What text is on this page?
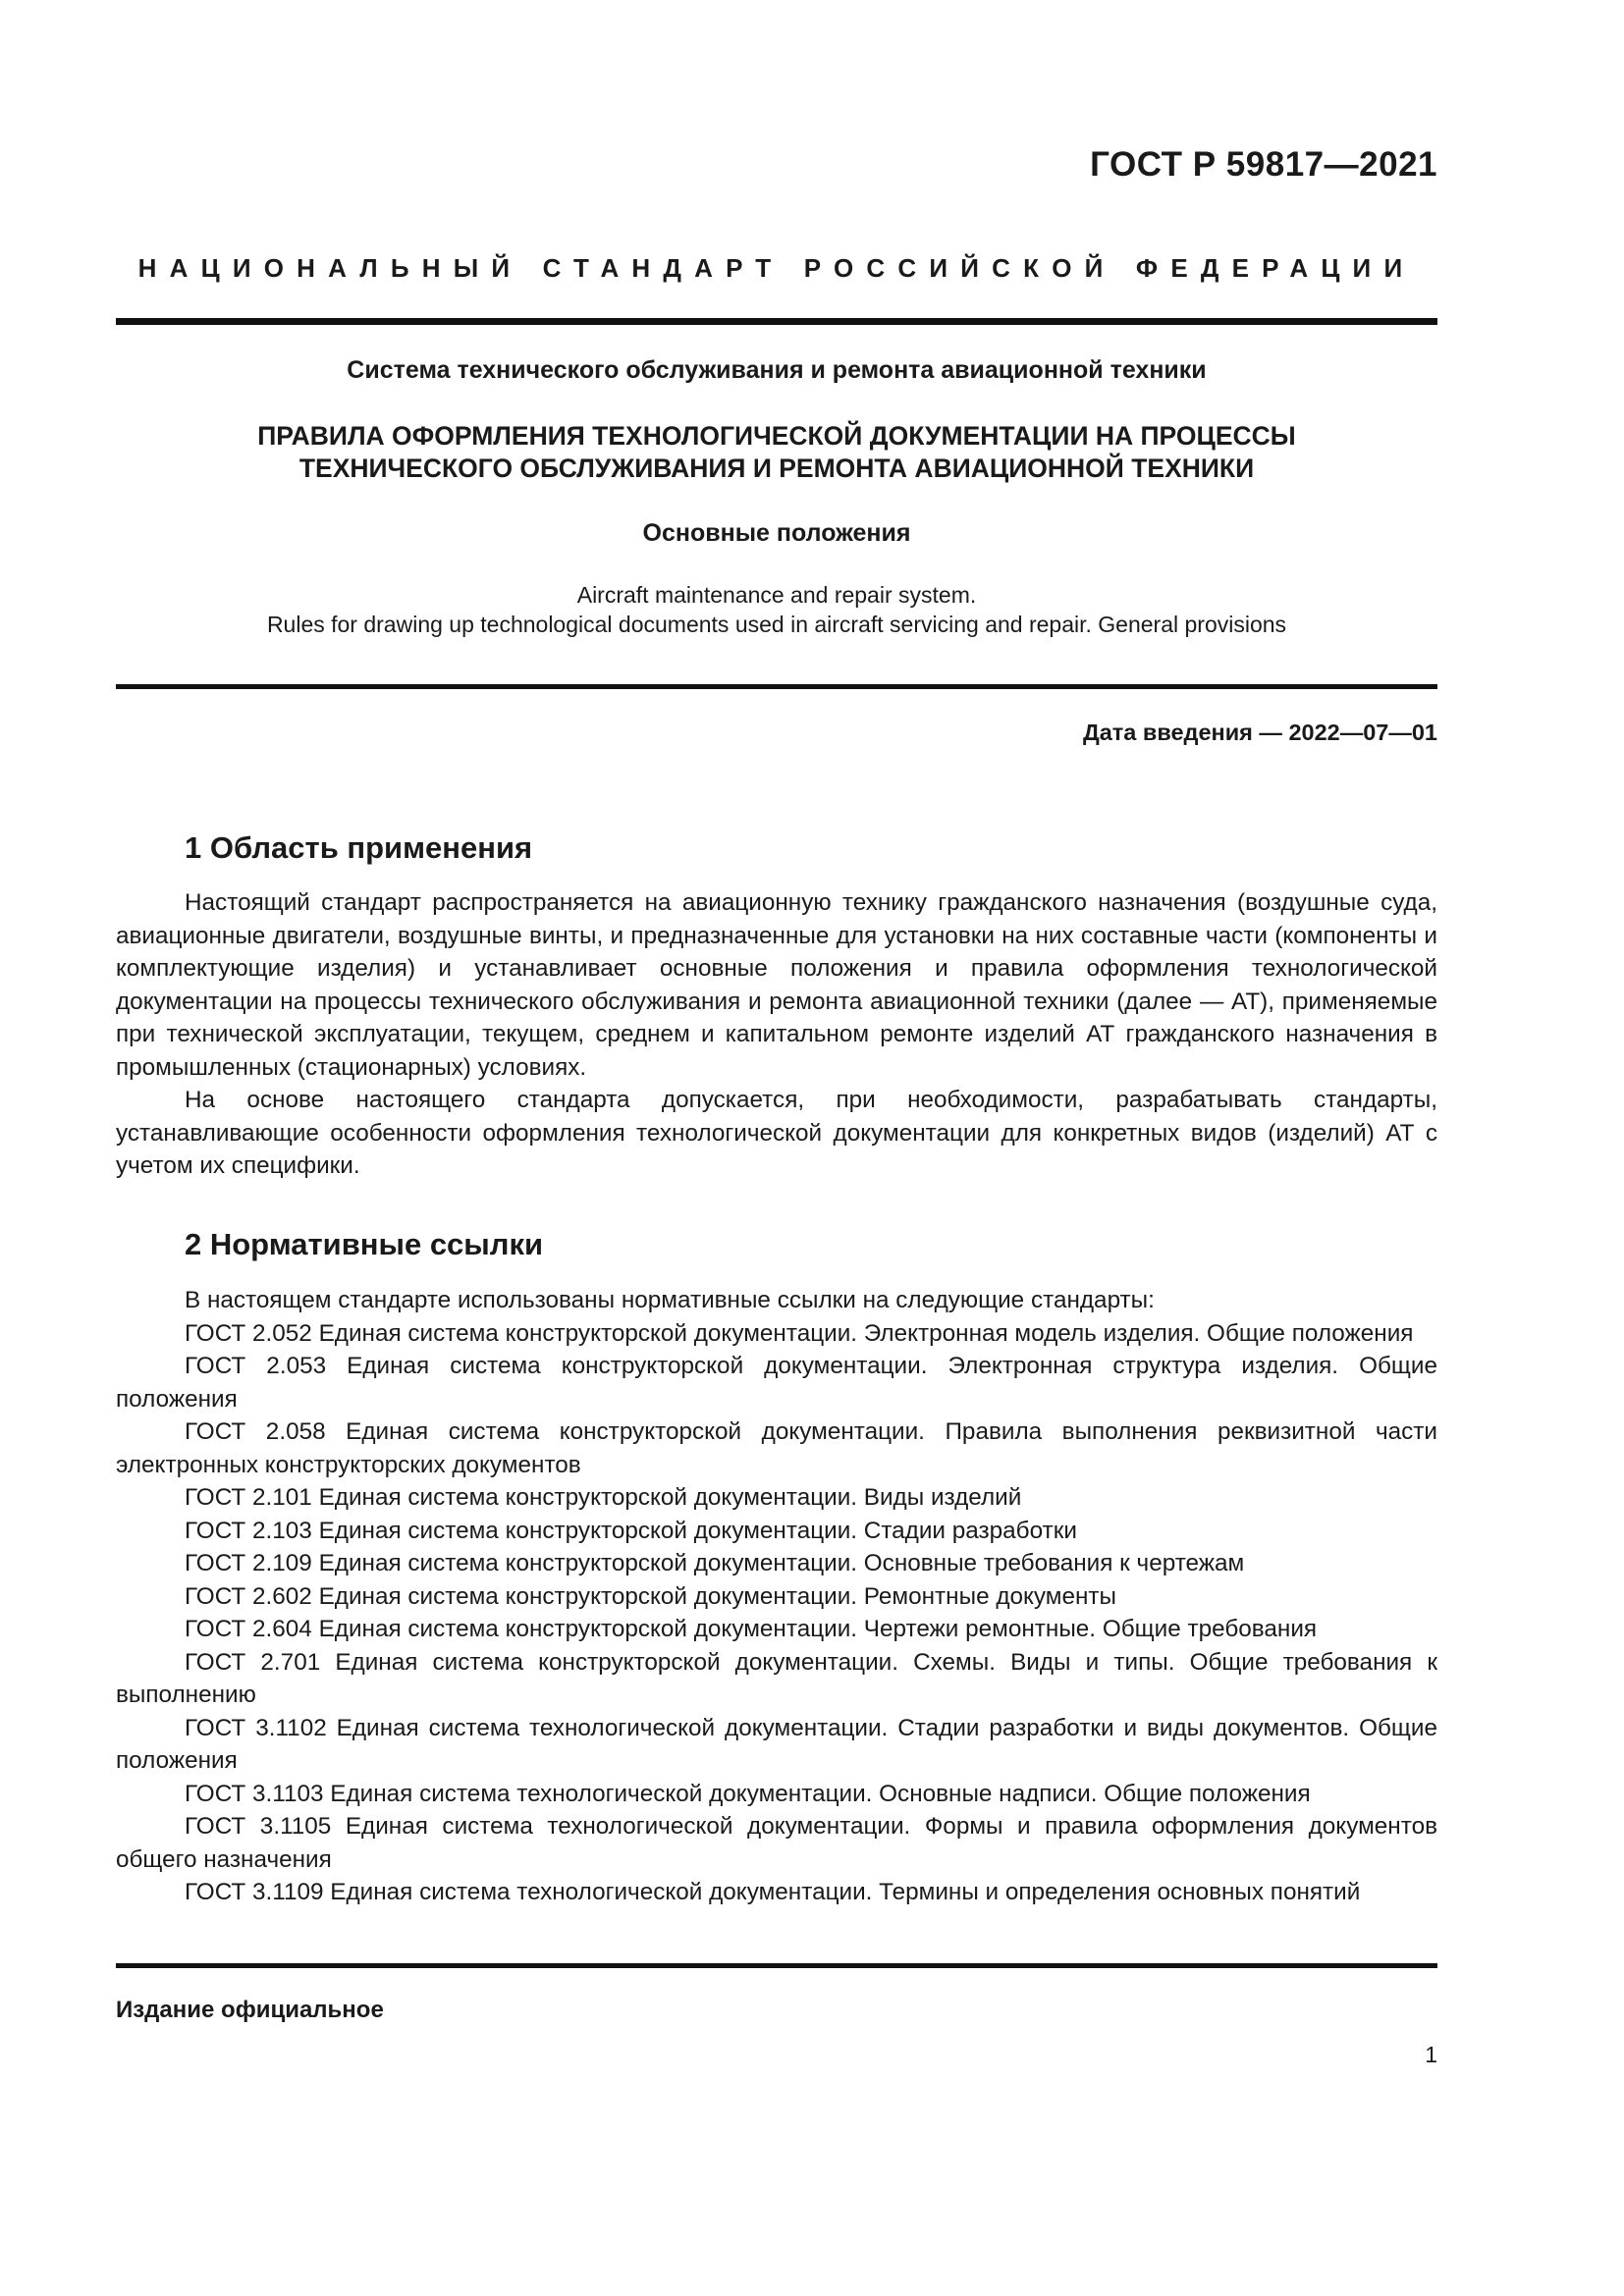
ГОСТ Р 59817—2021
НАЦИОНАЛЬНЫЙ СТАНДАРТ РОССИЙСКОЙ ФЕДЕРАЦИИ
Система технического обслуживания и ремонта авиационной техники
ПРАВИЛА ОФОРМЛЕНИЯ ТЕХНОЛОГИЧЕСКОЙ ДОКУМЕНТАЦИИ НА ПРОЦЕССЫ
ТЕХНИЧЕСКОГО ОБСЛУЖИВАНИЯ И РЕМОНТА АВИАЦИОННОЙ ТЕХНИКИ
Основные положения
Aircraft maintenance and repair system.
Rules for drawing up technological documents used in aircraft servicing and repair. General provisions
Дата введения — 2022—07—01
1 Область применения

Настоящий стандарт распространяется на авиационную технику гражданского назначения (воздушные суда, авиационные двигатели, воздушные винты, и предназначенные для установки на них составные части (компоненты и комплектующие изделия) и устанавливает основные положения и правила оформления технологической документации на процессы технического обслуживания и ремонта авиационной техники (далее — АТ), применяемые при технической эксплуатации, текущем, среднем и капитальном ремонте изделий АТ гражданского назначения в промышленных (стационарных) условиях.

На основе настоящего стандарта допускается, при необходимости, разрабатывать стандарты, устанавливающие особенности оформления технологической документации для конкретных видов (изделий) АТ с учетом их специфики.

2 Нормативные ссылки

В настоящем стандарте использованы нормативные ссылки на следующие стандарты:

ГОСТ 2.052 Единая система конструкторской документации. Электронная модель изделия. Общие положения

ГОСТ 2.053 Единая система конструкторской документации. Электронная структура изделия. Общие положения

ГОСТ 2.058 Единая система конструкторской документации. Правила выполнения реквизитной части электронных конструкторских документов

ГОСТ 2.101 Единая система конструкторской документации. Виды изделий

ГОСТ 2.103 Единая система конструкторской документации. Стадии разработки

ГОСТ 2.109 Единая система конструкторской документации. Основные требования к чертежам

ГОСТ 2.602 Единая система конструкторской документации. Ремонтные документы

ГОСТ 2.604 Единая система конструкторской документации. Чертежи ремонтные. Общие требования

ГОСТ 2.701 Единая система конструкторской документации. Схемы. Виды и типы. Общие требования к выполнению

ГОСТ 3.1102 Единая система технологической документации. Стадии разработки и виды документов. Общие положения

ГОСТ 3.1103 Единая система технологической документации. Основные надписи. Общие положения

ГОСТ 3.1105 Единая система технологической документации. Формы и правила оформления документов общего назначения

ГОСТ 3.1109 Единая система технологической документации. Термины и определения основных понятий

Издание официальное
1
